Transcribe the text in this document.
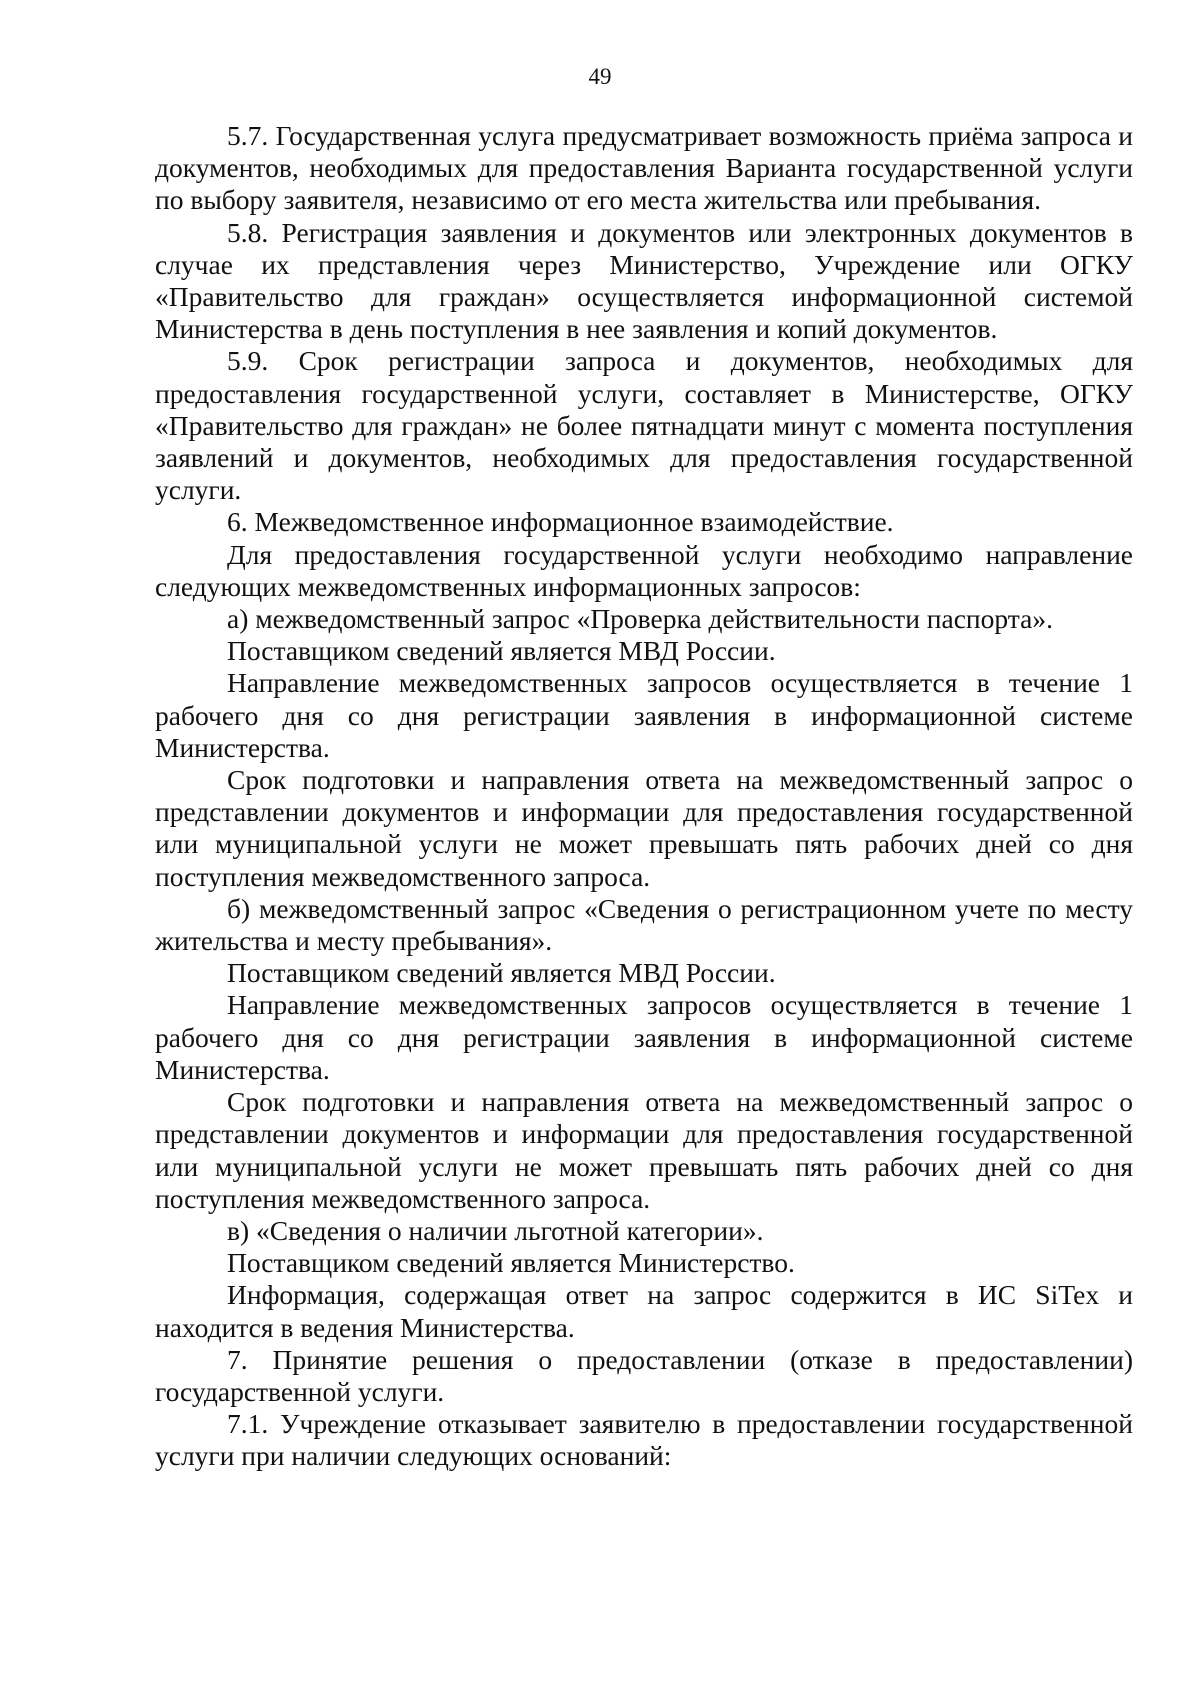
49

5.7. Государственная услуга предусматривает возможность приёма запроса и документов, необходимых для предоставления Варианта государственной услуги по выбору заявителя, независимо от его места жительства или пребывания.

5.8. Регистрация заявления и документов или электронных документов в случае их представления через Министерство, Учреждение или ОГКУ «Правительство для граждан» осуществляется информационной системой Министерства в день поступления в нее заявления и копий документов.

5.9. Срок регистрации запроса и документов, необходимых для предоставления государственной услуги, составляет в Министерстве, ОГКУ «Правительство для граждан» не более пятнадцати минут с момента поступления заявлений и документов, необходимых для предоставления государственной услуги.

6. Межведомственное информационное взаимодействие.

Для предоставления государственной услуги необходимо направление следующих межведомственных информационных запросов:

а) межведомственный запрос «Проверка действительности паспорта».

Поставщиком сведений является МВД России.

Направление межведомственных запросов осуществляется в течение 1 рабочего дня со дня регистрации заявления в информационной системе Министерства.

Срок подготовки и направления ответа на межведомственный запрос о представлении документов и информации для предоставления государственной или муниципальной услуги не может превышать пять рабочих дней со дня поступления межведомственного запроса.

б) межведомственный запрос «Сведения о регистрационном учете по месту жительства и месту пребывания».

Поставщиком сведений является МВД России.

Направление межведомственных запросов осуществляется в течение 1 рабочего дня со дня регистрации заявления в информационной системе Министерства.

Срок подготовки и направления ответа на межведомственный запрос о представлении документов и информации для предоставления государственной или муниципальной услуги не может превышать пять рабочих дней со дня поступления межведомственного запроса.

в) «Сведения о наличии льготной категории».

Поставщиком сведений является Министерство.

Информация, содержащая ответ на запрос содержится в ИС SiTex и находится в ведения Министерства.

7. Принятие решения о предоставлении (отказе в предоставлении) государственной услуги.

7.1. Учреждение отказывает заявителю в предоставлении государственной услуги при наличии следующих оснований:
